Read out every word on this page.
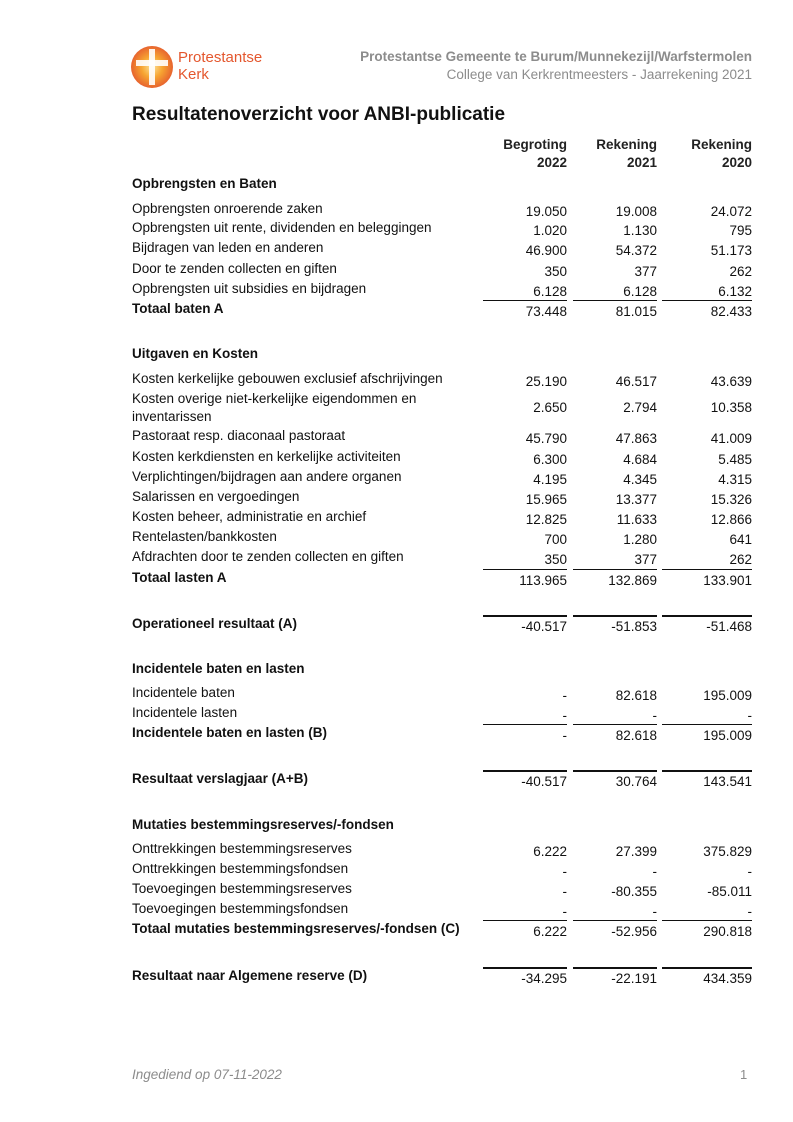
Protestantse
Kerk
Protestantse Gemeente te Burum/Munnekezijl/Warfstermolen
College van Kerkrentmeesters - Jaarrekening 2021
Resultatenoverzicht voor ANBI-publicatie
Begroting
2022
Rekening
2021
Rekening
2020
Opbrengsten en Baten
Opbrengsten onroerende zaken	19.050	19.008	24.072
Opbrengsten uit rente, dividenden en beleggingen	1.020	1.130	795
Bijdragen van leden en anderen	46.900	54.372	51.173
Door te zenden collecten en giften	350	377	262
Opbrengsten uit subsidies en bijdragen	6.128	6.128	6.132
Totaal baten A	73.448	81.015	82.433
Uitgaven en Kosten
Kosten kerkelijke gebouwen exclusief afschrijvingen	25.190	46.517	43.639
Kosten overige niet-kerkelijke eigendommen en inventarissen
2.650	2.794	10.358
Pastoraat resp. diaconaal pastoraat	45.790	47.863	41.009
Kosten kerkdiensten en kerkelijke activiteiten	6.300	4.684	5.485
Verplichtingen/bijdragen aan andere organen	4.195	4.345	4.315
Salarissen en vergoedingen	15.965	13.377	15.326
Kosten beheer, administratie en archief	12.825	11.633	12.866
Rentelasten/bankkosten	700	1.280	641
Afdrachten door te zenden collecten en giften	350	377	262
Totaal lasten A	113.965	132.869	133.901
Operationeel resultaat (A)	-40.517	-51.853	-51.468
Incidentele baten en lasten
Incidentele baten	-	82.618	195.009
Incidentele lasten	-	-	-
Incidentele baten en lasten (B)	-	82.618	195.009
Resultaat verslagjaar (A+B)	-40.517	30.764	143.541
Mutaties bestemmingsreserves/-fondsen
Onttrekkingen bestemmingsreserves	6.222	27.399	375.829
Onttrekkingen bestemmingsfondsen	-	-	-
Toevoegingen bestemmingsreserves	-	-80.355	-85.011
Toevoegingen bestemmingsfondsen	-	-	-
Totaal mutaties bestemmingsreserves/-fondsen (C)	6.222	-52.956	290.818
Resultaat naar Algemene reserve (D)	-34.295	-22.191	434.359
Ingediend op 07-11-2022	1
